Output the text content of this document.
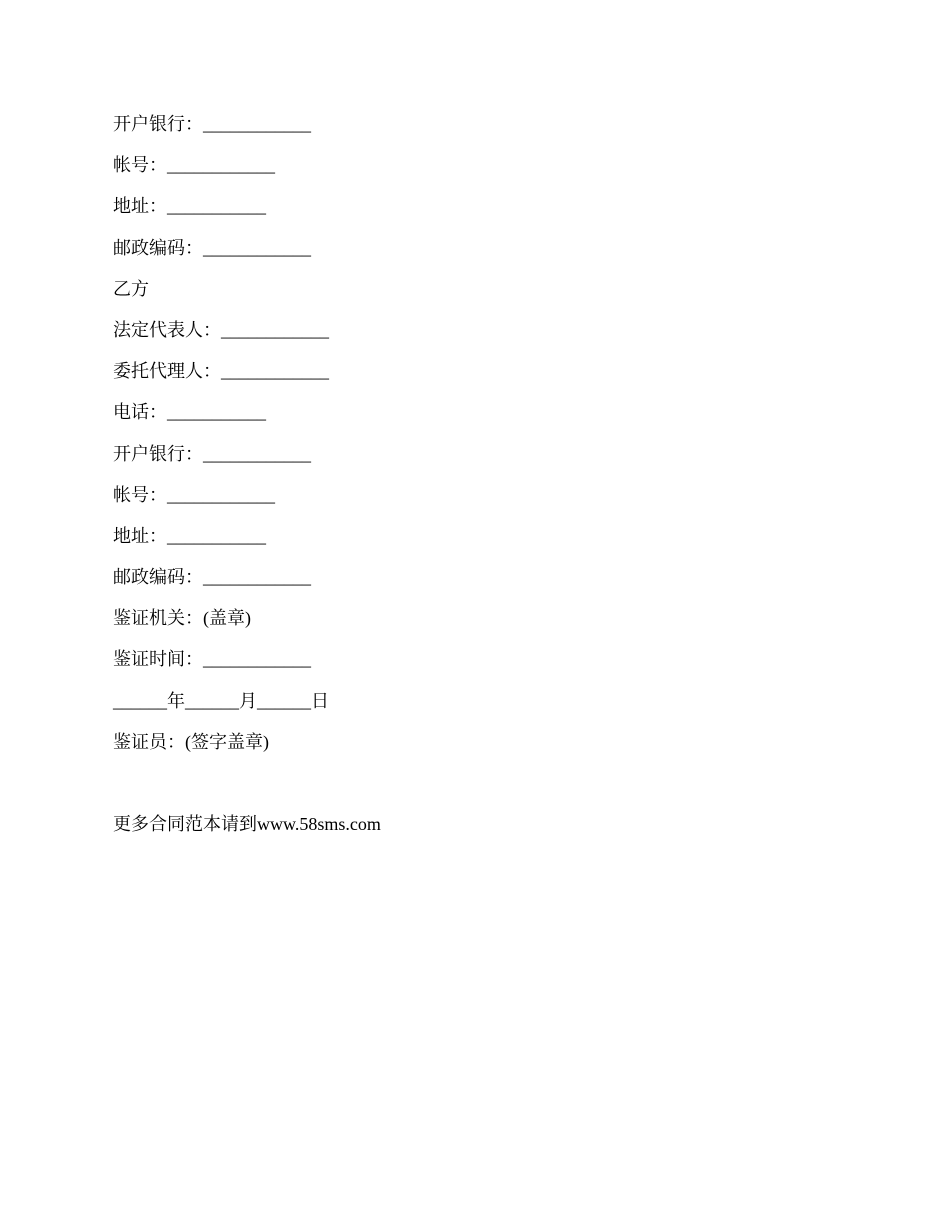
开户银行：____________
帐号：____________
地址：___________
邮政编码：____________
乙方
法定代表人：____________
委托代理人：____________
电话：___________
开户银行：____________
帐号：____________
地址：___________
邮政编码：____________
鉴证机关：(盖章)
鉴证时间：____________
______年______月______日
鉴证员：(签字盖章)
更多合同范本请到www.58sms.com
